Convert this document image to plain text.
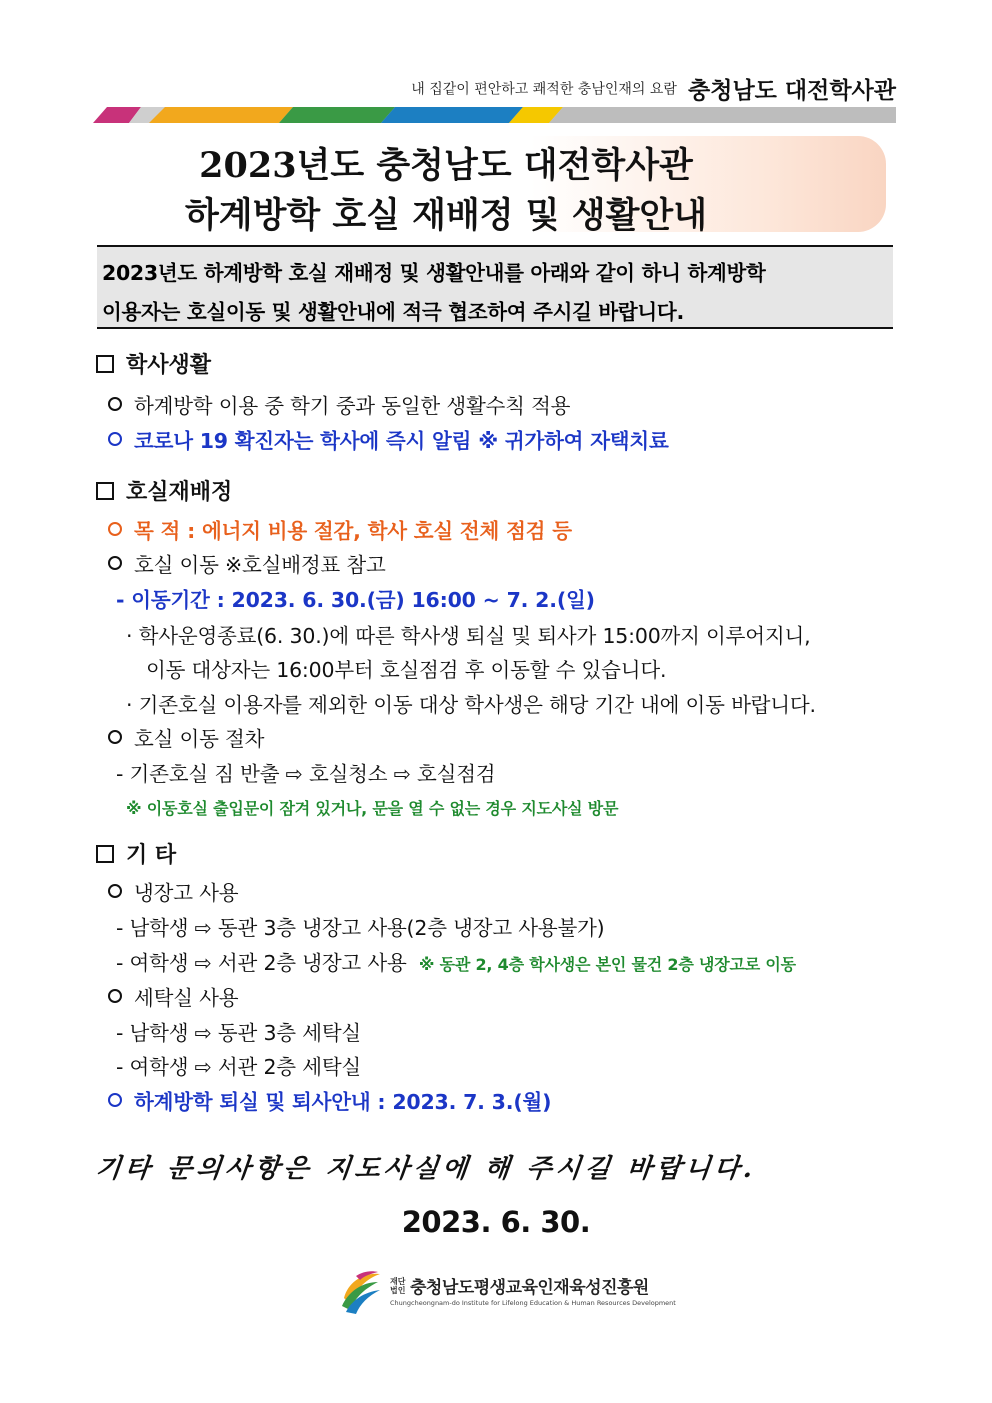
내 집같이 편안하고 쾌적한 충남인재의 요람 충청남도 대전학사관
2023년도 충청남도 대전학사관
하계방학 호실 재배정 및 생활안내
2023년도 하계방학 호실 재배정 및 생활안내를 아래와 같이 하니 하계방학
이용자는 호실이동 및 생활안내에 적극 협조하여 주시길 바랍니다.
학사생활
하계방학 이용 중 학기 중과 동일한 생활수칙 적용
코로나 19 확진자는 학사에 즉시 알림 ※ 귀가하여 자택치료
호실재배정
목 적 : 에너지 비용 절감, 학사 호실 전체 점검 등
호실 이동 ※호실배정표 참고
- 이동기간 : 2023. 6. 30.(금) 16:00 ~ 7. 2.(일)
· 학사운영종료(6. 30.)에 따른 학사생 퇴실 및 퇴사가 15:00까지 이루어지니,
이동 대상자는 16:00부터 호실점검 후 이동할 수 있습니다.
· 기존호실 이용자를 제외한 이동 대상 학사생은 해당 기간 내에 이동 바랍니다.
호실 이동 절차
- 기존호실 짐 반출 ⇨ 호실청소 ⇨ 호실점검
※ 이동호실 출입문이 잠겨 있거나, 문을 열 수 없는 경우 지도사실 방문
기 타
냉장고 사용
- 남학생 ⇨ 동관 3층 냉장고 사용(2층 냉장고 사용불가)
- 여학생 ⇨ 서관 2층 냉장고 사용 ※ 동관 2, 4층 학사생은 본인 물건 2층 냉장고로 이동
세탁실 사용
- 남학생 ⇨ 동관 3층 세탁실
- 여학생 ⇨ 서관 2층 세탁실
하계방학 퇴실 및 퇴사안내 : 2023. 7. 3.(월)
기타 문의사항은 지도사실에 해 주시길 바랍니다.
2023. 6. 30.
재단
법인 충청남도평생교육인재육성진흥원
Chungcheongnam-do Institute for Lifelong Education & Human Resources Development
